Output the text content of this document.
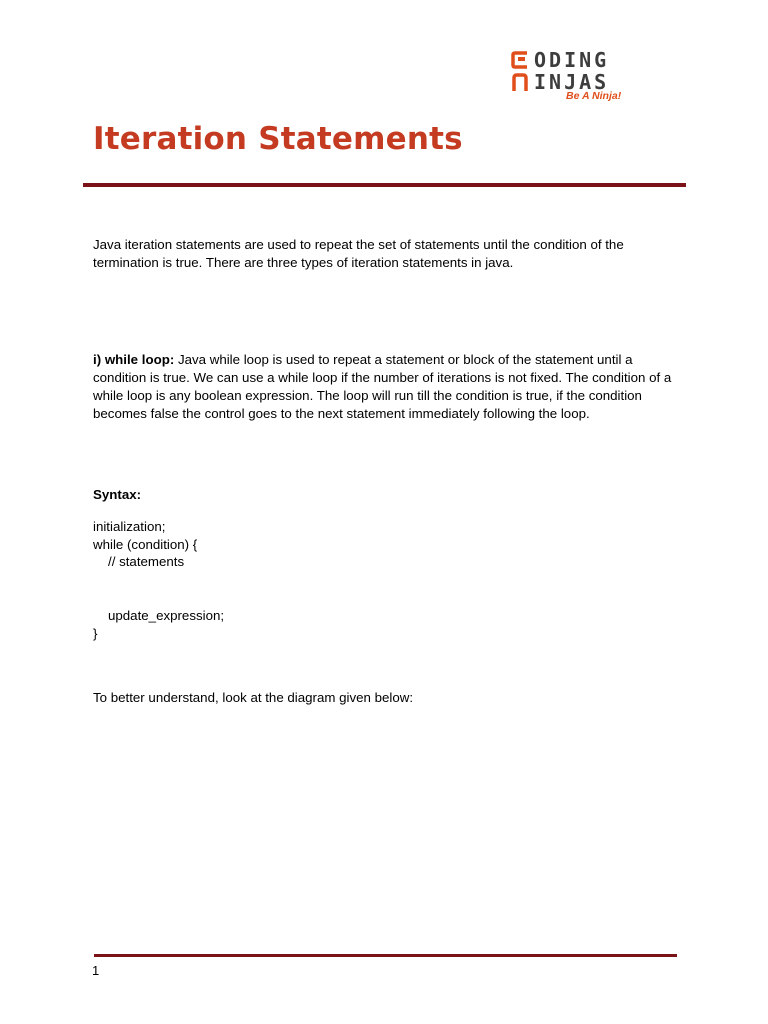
ODING
INJAS
Be A Ninja!
Iteration Statements

Java iteration statements are used to repeat the set of statements until the condition of the termination is true. There are three types of iteration statements in java.

i) while loop: Java while loop is used to repeat a statement or block of the statement until a condition is true. We can use a while loop if the number of iterations is not fixed. The condition of a while loop is any boolean expression. The loop will run till the condition is true, if the condition becomes false the control goes to the next statement immediately following the loop.

Syntax:
initialization;
while (condition) {
// statements
update_expression;
}

To better understand, look at the diagram given below:

1
